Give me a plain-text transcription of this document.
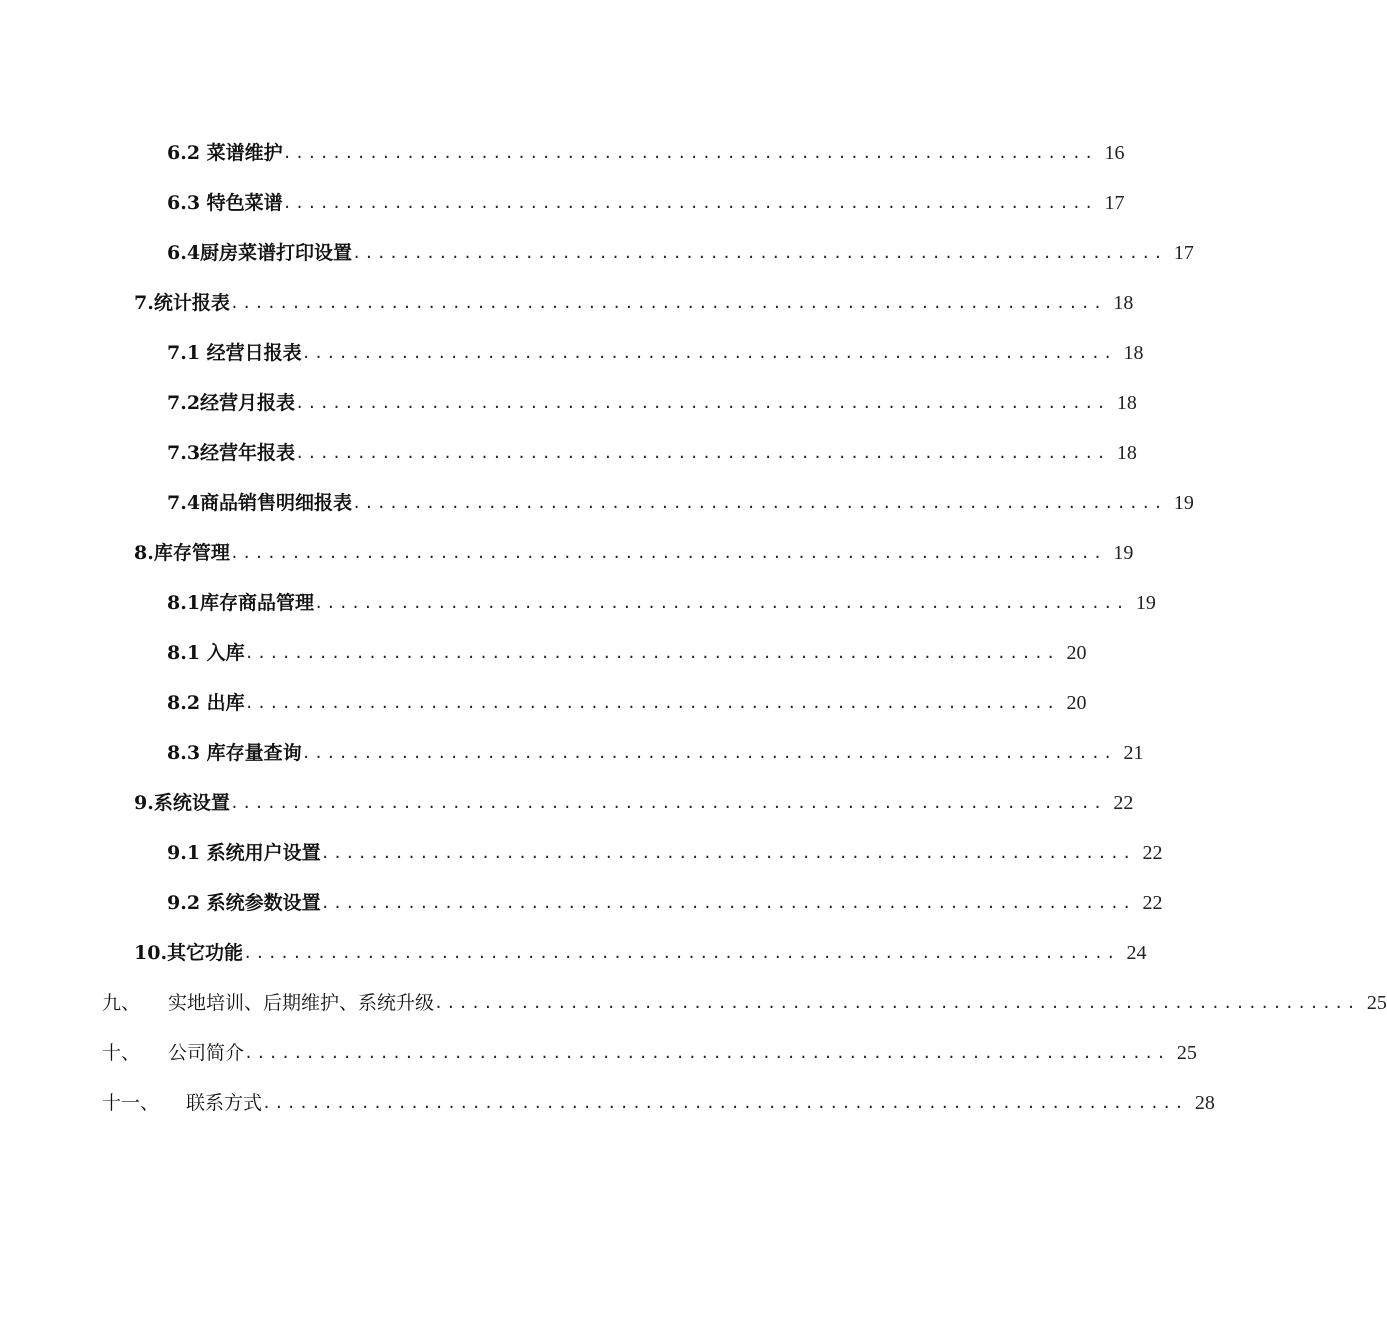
6.2 菜谱维护 .................................................................. 16
6.3 特色菜谱 .................................................................. 17
6.4厨房菜谱打印设置 .................................................................. 17
7.统计报表 ....................................................................... 18
7.1 经营日报表 .................................................................. 18
7.2经营月报表 .................................................................. 18
7.3经营年报表 .................................................................. 18
7.4商品销售明细报表 .................................................................. 19
8.库存管理 ....................................................................... 19
8.1库存商品管理 .................................................................. 19
8.1 入库 .................................................................. 20
8.2 出库 .................................................................. 20
8.3 库存量查询 .................................................................. 21
9.系统设置 ....................................................................... 22
9.1 系统用户设置 .................................................................. 22
9.2 系统参数设置 .................................................................. 22
10.其它功能 ....................................................................... 24
九、	实地培训、后期维护、系统升级 ........................................................................... 25
十、	公司简介 ........................................................................... 25
十一、	联系方式 ........................................................................... 28
